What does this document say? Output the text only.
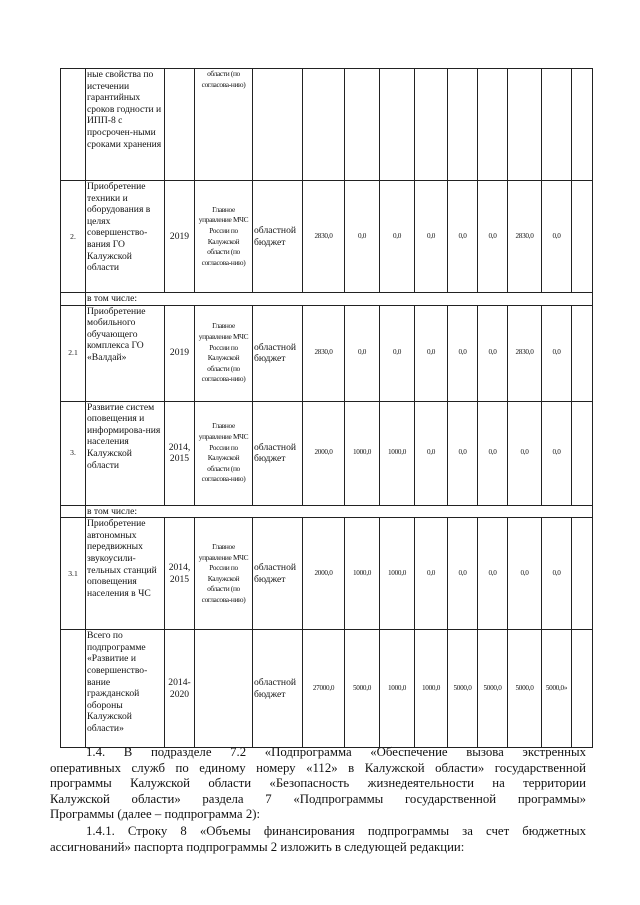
	ные свойства по истечении гарантийных сроков годности и ИПП-8 с просрочен-ными сроками хранения		области (по согласова-нию)										
2.	Приобретение техники и оборудования в целях совершенство-вания ГО Калужской области	2019	Главное управление МЧС России по Калужской области (по согласова-нию)	областной бюджет	2830,0	0,0	0,0	0,0	0,0	0,0	2830,0	0,0	
	в том числе:												
2.1	Приобретение мобильного обучающего комплекса ГО «Валдай»	2019	Главное управление МЧС России по Калужской области (по согласова-нию)	областной бюджет	2830,0	0,0	0,0	0,0	0,0	0,0	2830,0	0,0	
3.	Развитие систем оповещения и информирова-ния населения Калужской области	2014, 2015	Главное управление МЧС России по Калужской области (по согласова-нию)	областной бюджет	2000,0	1000,0	1000,0	0,0	0,0	0,0	0,0	0,0	
	в том числе:												
3.1	Приобретение автономных передвижных звукоусили-тельных станций оповещения населения в ЧС	2014, 2015	Главное управление МЧС России по Калужской области (по согласова-нию)	областной бюджет	2000,0	1000,0	1000,0	0,0	0,0	0,0	0,0	0,0	
	Всего по подпрограмме «Развитие и совершенство-вание гражданской обороны Калужской области»	2014-2020		областной бюджет	27000,0	5000,0	1000,0	1000,0	5000,0	5000,0	5000,0	5000,0»	
1.4. В подразделе 7.2 «Подпрограмма «Обеспечение вызова экстренных
оперативных служб по единому номеру «112» в Калужской области» государственной
программы Калужской области «Безопасность жизнедеятельности на территории
Калужской области» раздела 7 «Подпрограммы государственной программы»
Программы (далее – подпрограмма 2):
1.4.1. Строку 8 «Объемы финансирования подпрограммы за счет бюджетных
ассигнований» паспорта подпрограммы 2 изложить в следующей редакции:
